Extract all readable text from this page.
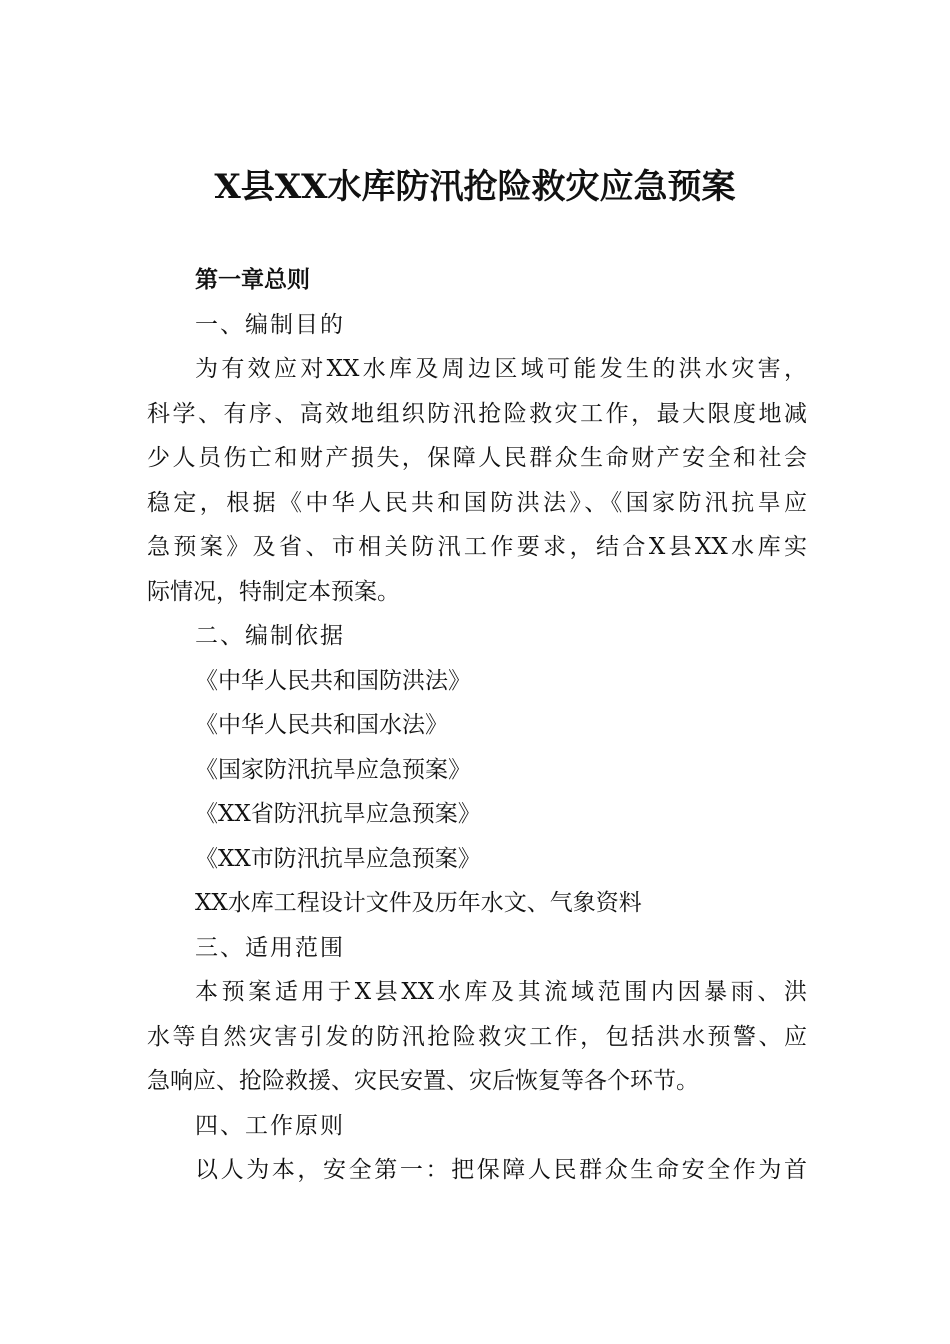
X县XX水库防汛抢险救灾应急预案
第一章总则
一、编制目的
为有效应对XX水库及周边区域可能发生的洪水灾害，
科学、有序、高效地组织防汛抢险救灾工作，最大限度地减
少人员伤亡和财产损失，保障人民群众生命财产安全和社会
稳定，根据《中华人民共和国防洪法》、《国家防汛抗旱应
急预案》及省、市相关防汛工作要求，结合X县XX水库实
际情况，特制定本预案。
二、编制依据
《中华人民共和国防洪法》
《中华人民共和国水法》
《国家防汛抗旱应急预案》
《XX省防汛抗旱应急预案》
《XX市防汛抗旱应急预案》
XX水库工程设计文件及历年水文、气象资料
三、适用范围
本预案适用于X县XX水库及其流域范围内因暴雨、洪
水等自然灾害引发的防汛抢险救灾工作，包括洪水预警、应
急响应、抢险救援、灾民安置、灾后恢复等各个环节。
四、工作原则
以人为本，安全第一：把保障人民群众生命安全作为首
